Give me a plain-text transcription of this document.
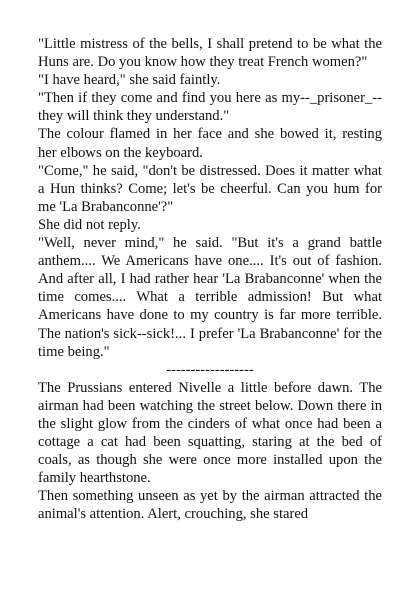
"Little mistress of the bells, I shall pretend to be what the Huns are. Do you know how they treat French women?"

"I have heard," she said faintly.

"Then if they come and find you here as my--_prisoner_--they will think they understand."

The colour flamed in her face and she bowed it, resting her elbows on the keyboard.

"Come," he said, "don't be distressed. Does it matter what a Hun thinks? Come; let's be cheerful. Can you hum for me 'La Brabanconne'?"

She did not reply.

"Well, never mind," he said. "But it's a grand battle anthem.... We Americans have one.... It's out of fashion. And after all, I had rather hear 'La Brabanconne' when the time comes.... What a terrible admission! But what Americans have done to my country is far more terrible. The nation's sick--sick!... I prefer 'La Brabanconne' for the time being."

------------------

The Prussians entered Nivelle a little before dawn. The airman had been watching the street below. Down there in the slight glow from the cinders of what once had been a cottage a cat had been squatting, staring at the bed of coals, as though she were once more installed upon the family hearthstone.

Then something unseen as yet by the airman attracted the animal's attention. Alert, crouching, she stared
